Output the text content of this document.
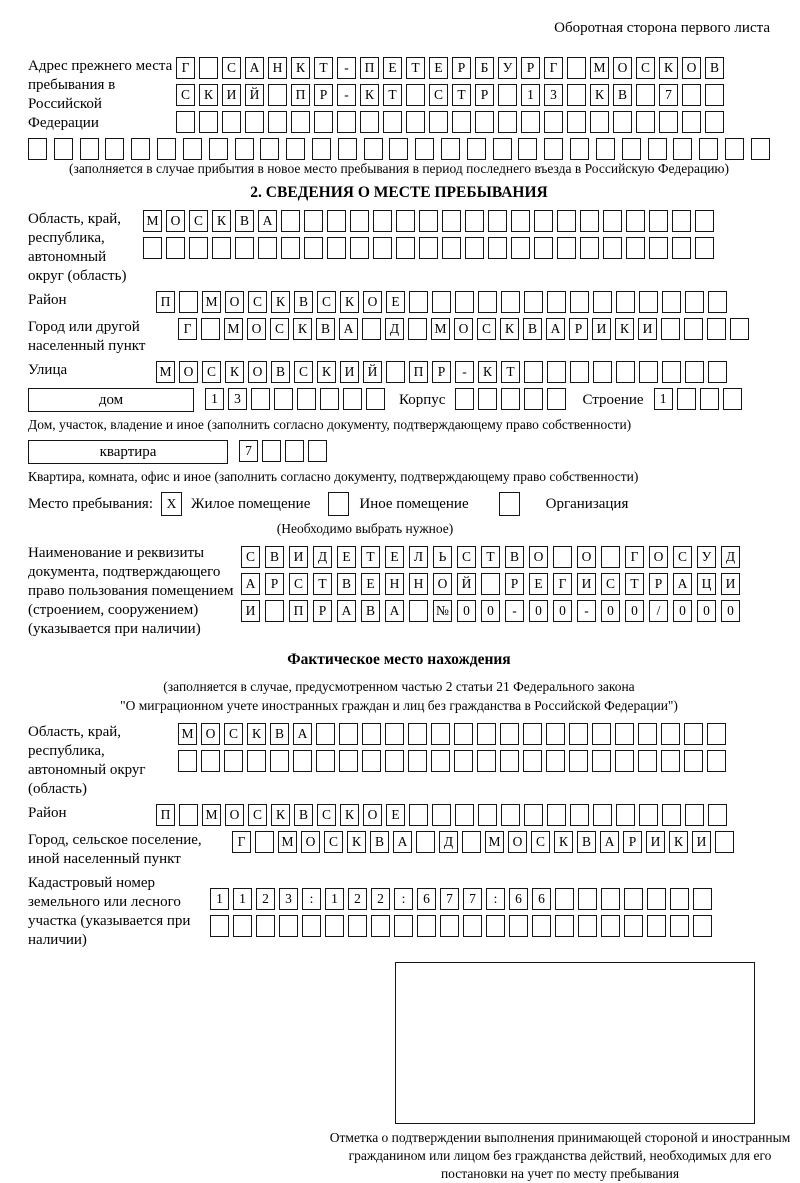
Оборотная сторона первого листа
Адрес прежнего места пребывания в Российской Федерации
Г	С	А Н	К	Т	-	П	Е	Т	Е	Р	Б	У	Р	Г	М О	С	К	О	В
С	К	И Й	П	Р	-	К	Т	С	Т	Р	1	3	К	В	7
(заполняется в случае прибытия в новое место пребывания в период последнего въезда в Российскую Федерацию)
2. СВЕДЕНИЯ О МЕСТЕ ПРЕБЫВАНИЯ
Область, край, республика, автономный округ (область)
М О	С	К	В	А
Район	П	М О	С	К	В	С	К	О	Е
Город или другой населенный пункт
Г	М О	С	К	В	А	Д	М О	С	К	В	А	Р	И	К	И
Улица	М О	С	К	О	В	С	К	И Й	П	Р	-	К	Т
дом	1	3	Корпус	Строение	1
Дом, участок, владение и иное (заполнить согласно документу, подтверждающему право собственности)
квартира	7
Квартира, комната, офис и иное (заполнить согласно документу, подтверждающему право собственности)
Место пребывания:	X Жилое помещение	Иное помещение	Организация
(Необходимо выбрать нужное)
Наименование и реквизиты документа, подтверждающего право пользования помещением (строением, сооружением) (указывается при наличии)
С	В	И	Д	Е	Т	Е	Л	Ь	С	Т	В	О	О	Г	О	С	У	Д
А	Р	С	Т	В	Е	Н	Н	О	Й	Р	Е	Г	И	С	Т	Р	А	Ц	И
И	П	Р	А	В	А	№	0	0	-	0	0	-	0	0	/	0	0	0
Фактическое место нахождения
(заполняется в случае, предусмотренном частью 2 статьи 21 Федерального закона
"О миграционном учете иностранных граждан и лиц без гражданства в Российской Федерации")
Область, край, республика, автономный округ (область)
М О	С	К	В	А
Район	П	М О	С	К	В	С	К	О	Е
Город, сельское поселение, иной населенный пункт
Г	М О	С	К	В	А	Д	М О	С	К	В	А	Р	И	К	И
Кадастровый номер земельного или лесного участка (указывается при наличии)
1	1	2	3	:	1	2	2	:	6	7	7	:	6	6
Отметка о подтверждении выполнения принимающей стороной и иностранным гражданином или лицом без гражданства действий, необходимых для его постановки на учет по месту пребывания
